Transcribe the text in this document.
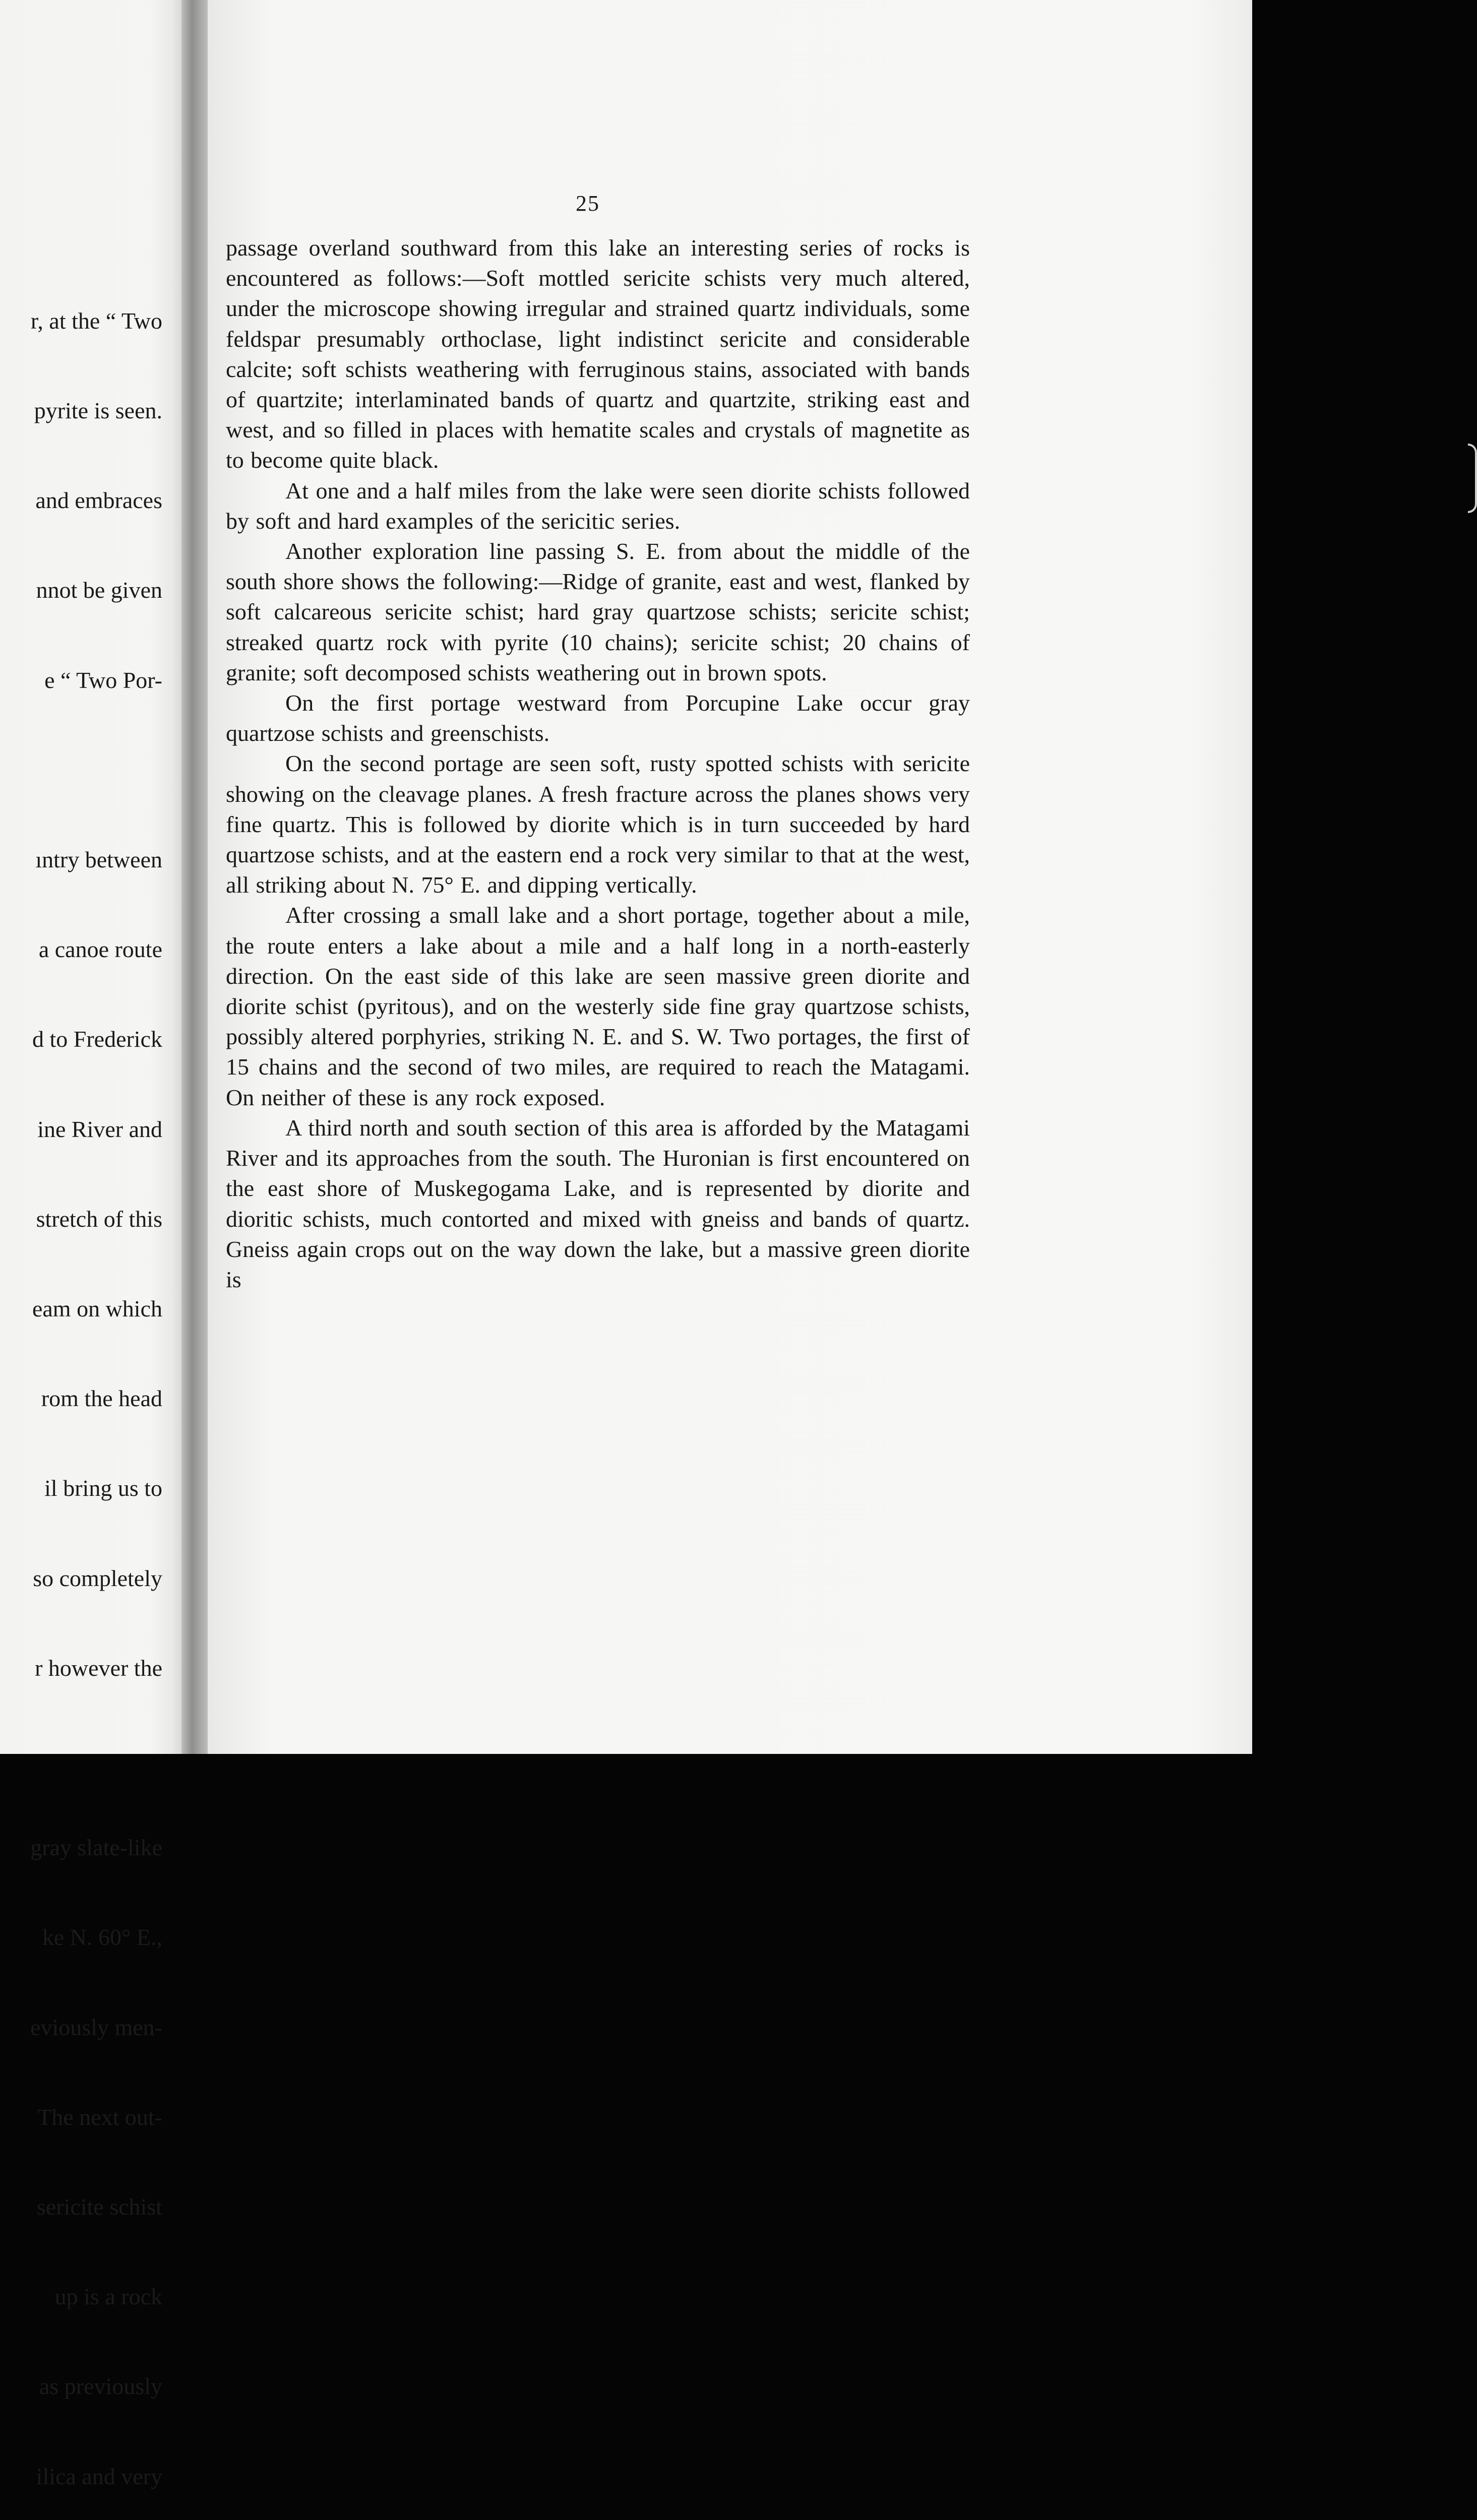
r, at the “ Two

pyrite is seen.

and embraces

nnot be given

e “ Two Por-

ıntry between

a canoe route

d to Frederick

ine River and

stretch of this

eam on which

rom the head

il bring us to

so completely

r however the

gray slate-like

ke N. 60° E.,

eviously men-

The next out-

sericite schist

up is a rock

as previously

ilica and very

25

passage overland southward from this lake an interesting series of rocks is encountered as follows:—Soft mottled sericite schists very much altered, under the microscope showing irregular and strained quartz individuals, some feldspar presumably orthoclase, light indistinct sericite and considerable calcite; soft schists weathering with ferruginous stains, associated with bands of quartzite; interlaminated bands of quartz and quartzite, striking east and west, and so filled in places with hematite scales and crystals of magnetite as to become quite black.

At one and a half miles from the lake were seen diorite schists followed by soft and hard examples of the sericitic series.

Another exploration line passing S. E. from about the middle of the south shore shows the following:—Ridge of granite, east and west, flanked by soft calcareous sericite schist; hard gray quartzose schists; sericite schist; streaked quartz rock with pyrite (10 chains); sericite schist; 20 chains of granite; soft decomposed schists weathering out in brown spots.

On the first portage westward from Porcupine Lake occur gray quartzose schists and greenschists.

On the second portage are seen soft, rusty spotted schists with sericite showing on the cleavage planes. A fresh fracture across the planes shows very fine quartz. This is followed by diorite which is in turn succeeded by hard quartzose schists, and at the eastern end a rock very similar to that at the west, all striking about N. 75° E. and dipping vertically.

After crossing a small lake and a short portage, together about a mile, the route enters a lake about a mile and a half long in a north-easterly direction. On the east side of this lake are seen massive green diorite and diorite schist (pyritous), and on the westerly side fine gray quartzose schists, possibly altered porphyries, striking N. E. and S. W. Two portages, the first of 15 chains and the second of two miles, are required to reach the Matagami. On neither of these is any rock exposed.

A third north and south section of this area is afforded by the Matagami River and its approaches from the south. The Huronian is first encountered on the east shore of Muskegogama Lake, and is represented by diorite and dioritic schists, much contorted and mixed with gneiss and bands of quartz. Gneiss again crops out on the way down the lake, but a massive green diorite is
